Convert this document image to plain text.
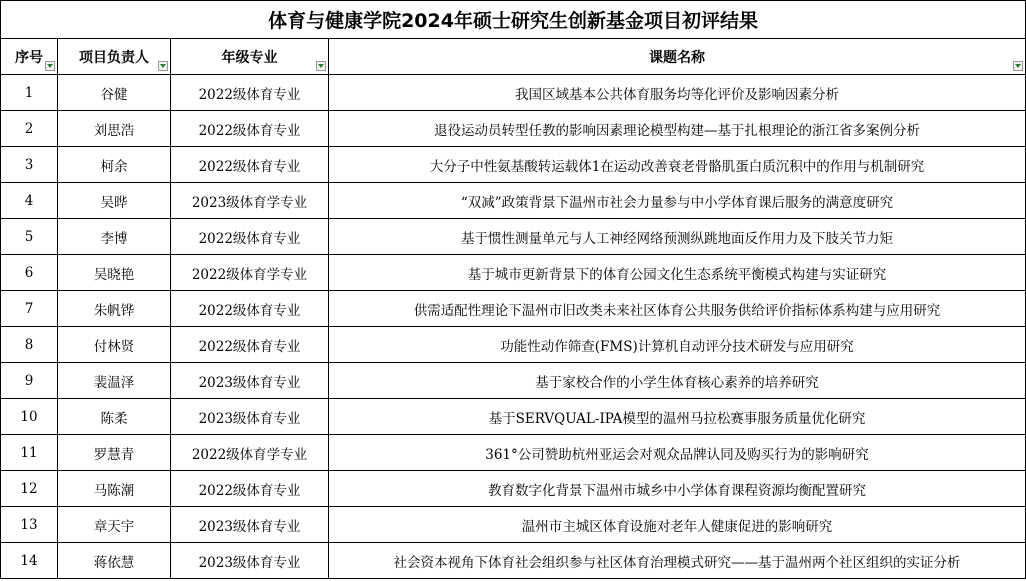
体育与健康学院2024年硕士研究生创新基金项目初评结果			
序号	项目负责人	年级专业	课题名称

1	谷健	2022级体育专业	我国区域基本公共体育服务均等化评价及影响因素分析
2	刘思浩	2022级体育专业	退役运动员转型任教的影响因素理论模型构建—基于扎根理论的浙江省多案例分析
3	柯余	2022级体育专业	大分子中性氨基酸转运载体1在运动改善衰老骨骼肌蛋白质沉积中的作用与机制研究
4	吴晔	2023级体育学专业	“双减”政策背景下温州市社会力量参与中小学体育课后服务的满意度研究
5	李博	2022级体育专业	基于惯性测量单元与人工神经网络预测纵跳地面反作用力及下肢关节力矩
6	吴晓艳	2022级体育学专业	基于城市更新背景下的体育公园文化生态系统平衡模式构建与实证研究
7	朱帆铧	2022级体育专业	供需适配性理论下温州市旧改类未来社区体育公共服务供给评价指标体系构建与应用研究
8	付林贤	2022级体育专业	功能性动作筛查(FMS)计算机自动评分技术研发与应用研究
9	裴温泽	2023级体育专业	基于家校合作的小学生体育核心素养的培养研究
10	陈柔	2023级体育专业	基于SERVQUAL-IPA模型的温州马拉松赛事服务质量优化研究
11	罗慧青	2022级体育学专业	361°公司赞助杭州亚运会对观众品牌认同及购买行为的影响研究
12	马陈潮	2022级体育专业	教育数字化背景下温州市城乡中小学体育课程资源均衡配置研究
13	章天宇	2023级体育专业	温州市主城区体育设施对老年人健康促进的影响研究
14	蒋依慧	2023级体育专业	社会资本视角下体育社会组织参与社区体育治理模式研究——基于温州两个社区组织的实证分析
